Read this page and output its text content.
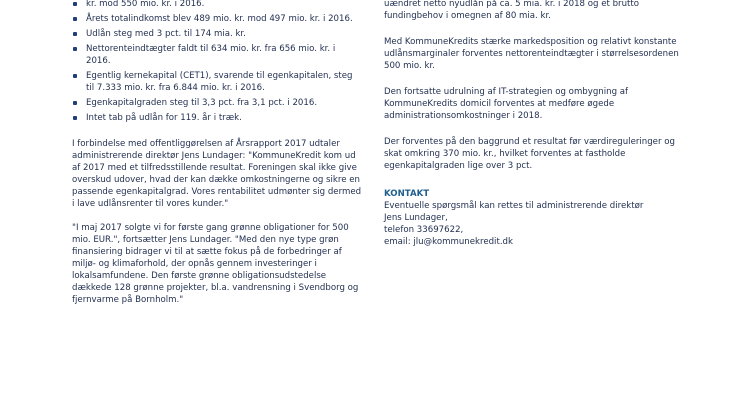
kr. mod 550 mio. kr. i 2016.
Årets totalindkomst blev 489 mio. kr. mod 497 mio. kr. i 2016.
Udlån steg med 3 pct. til 174 mia. kr.
Nettorenteindtægter faldt til 634 mio. kr. fra 656 mio. kr. i 2016.
Egentlig kernekapital (CET1), svarende til egenkapitalen, steg til 7.333 mio. kr. fra 6.844 mio. kr. i 2016.
Egenkapitalgraden steg til 3,3 pct. fra 3,1 pct. i 2016.
Intet tab på udlån for 119. år i træk.

I forbindelse med offentliggørelsen af Årsrapport 2017 udtaler administrerende direktør Jens Lundager: "KommuneKredit kom ud af 2017 med et tilfredsstillende resultat. Foreningen skal ikke give overskud udover, hvad der kan dække omkostningerne og sikre en passende egenkapitalgrad. Vores rentabilitet udmønter sig dermed i lave udlånsrenter til vores kunder."

"I maj 2017 solgte vi for første gang grønne obligationer for 500 mio. EUR.", fortsætter Jens Lundager. "Med den nye type grøn finansiering bidrager vi til at sætte fokus på de forbedringer af miljø- og klimaforhold, der opnås gennem investeringer i lokalsamfundene. Den første grønne obligationsudstedelse dækkede 128 grønne projekter, bl.a. vandrensning i Svendborg og fjernvarme på Bornholm."

uændret netto nyudlån på ca. 5 mia. kr. i 2018 og et brutto fundingbehov i omegnen af 80 mia. kr.

Med KommuneKredits stærke markedsposition og relativt konstante udlånsmarginaler forventes nettorenteindtægter i størrelsesordenen 500 mio. kr.

Den fortsatte udrulning af IT-strategien og ombygning af KommuneKredits domicil forventes at medføre øgede administrationsomkostninger i 2018.

Der forventes på den baggrund et resultat før værdireguleringer og skat omkring 370 mio. kr., hvilket forventes at fastholde egenkapitalgraden lige over 3 pct.

KONTAKT

Eventuelle spørgsmål kan rettes til administrerende direktør

Jens Lundager,

telefon 33697622,

email: jlu@kommunekredit.dk
